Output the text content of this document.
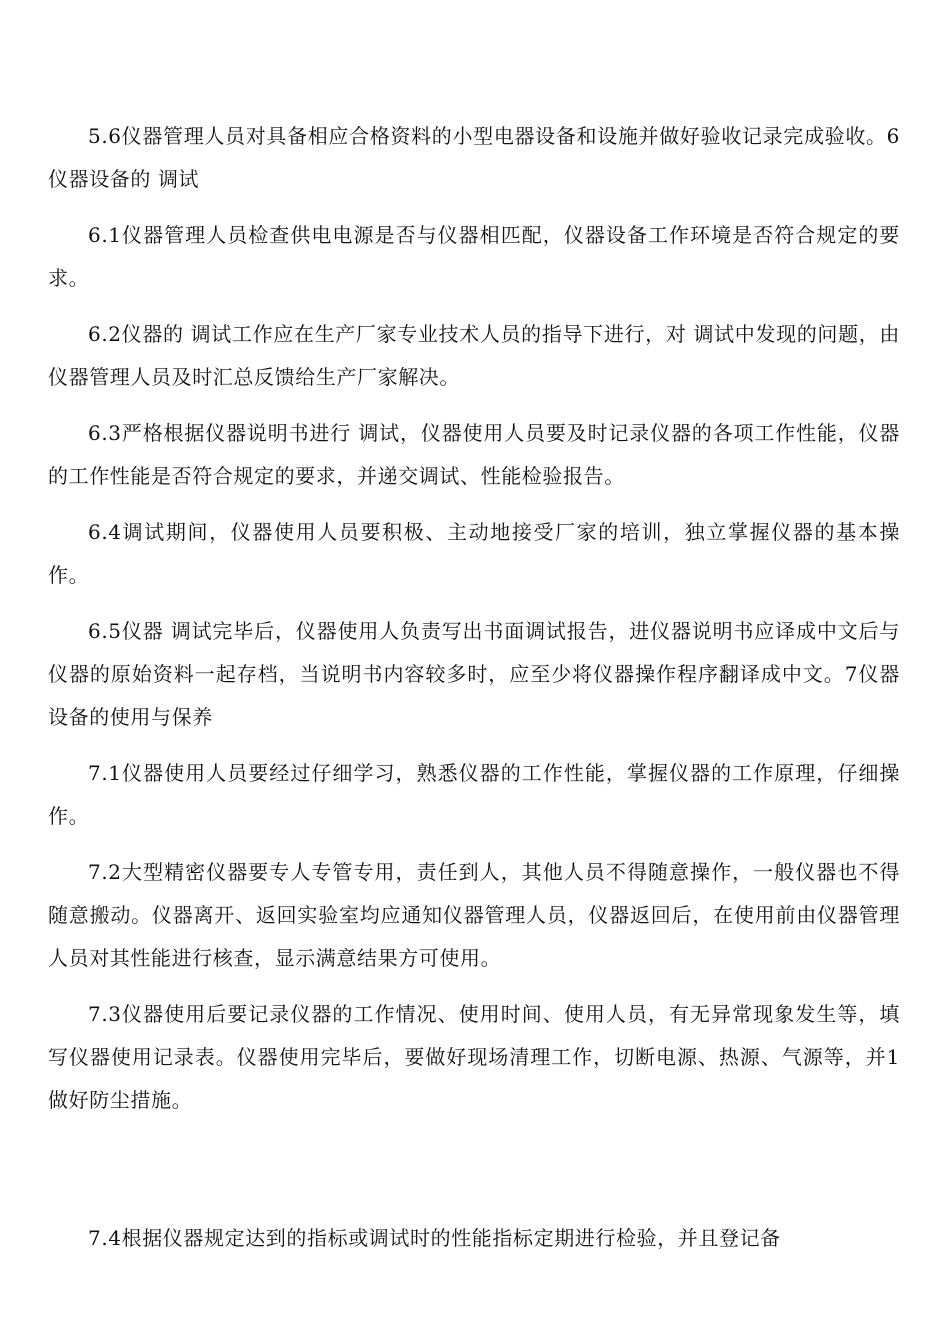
5.6仪器管理人员对具备相应合格资料的小型电器设备和设施并做好验收记录完成验收。6仪器设备的 调试

6.1仪器管理人员检查供电电源是否与仪器相匹配，仪器设备工作环境是否符合规定的要求。

6.2仪器的 调试工作应在生产厂家专业技术人员的指导下进行，对 调试中发现的问题，由仪器管理人员及时汇总反馈给生产厂家解决。

6.3严格根据仪器说明书进行 调试，仪器使用人员要及时记录仪器的各项工作性能，仪器的工作性能是否符合规定的要求，并递交调试、性能检验报告。

6.4调试期间，仪器使用人员要积极、主动地接受厂家的培训，独立掌握仪器的基本操作。

6.5仪器 调试完毕后，仪器使用人负责写出书面调试报告，进仪器说明书应译成中文后与仪器的原始资料一起存档，当说明书内容较多时，应至少将仪器操作程序翻译成中文。7仪器设备的使用与保养

7.1仪器使用人员要经过仔细学习，熟悉仪器的工作性能，掌握仪器的工作原理，仔细操作。

7.2大型精密仪器要专人专管专用，责任到人，其他人员不得随意操作，一般仪器也不得随意搬动。仪器离开、返回实验室均应通知仪器管理人员，仪器返回后，在使用前由仪器管理人员对其性能进行核查，显示满意结果方可使用。

7.3仪器使用后要记录仪器的工作情况、使用时间、使用人员，有无异常现象发生等，填写仪器使用记录表。仪器使用完毕后，要做好现场清理工作，切断电源、热源、气源等，并1做好防尘措施。

7.4根据仪器规定达到的指标或调试时的性能指标定期进行检验，并且登记备
